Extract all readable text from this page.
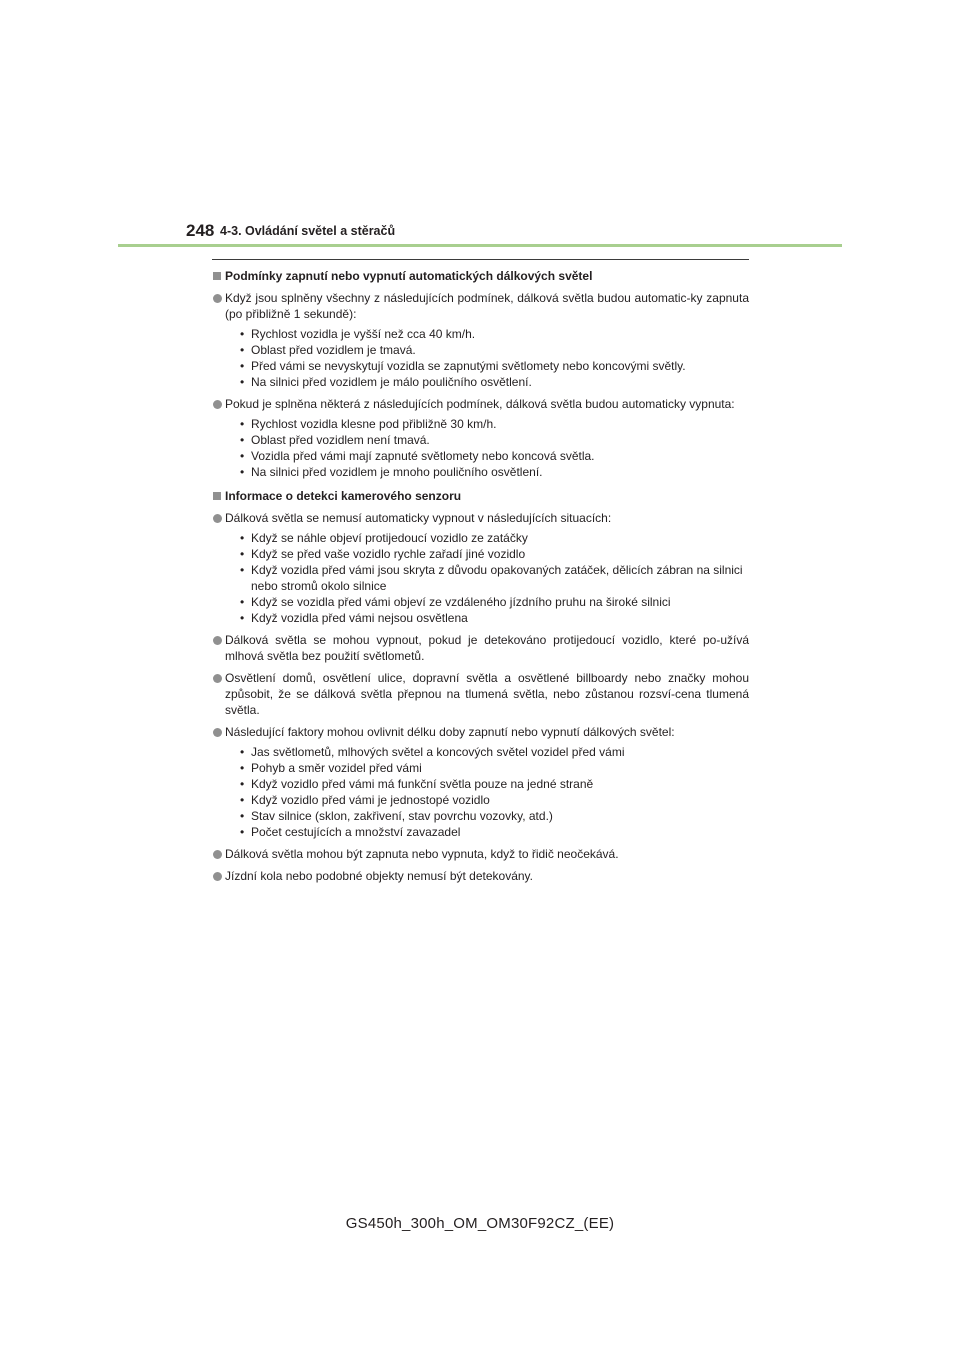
248 4-3. Ovládání světel a stěračů
Podmínky zapnutí nebo vypnutí automatických dálkových světel
Když jsou splněny všechny z následujících podmínek, dálková světla budou automatic-ky zapnuta (po přibližně 1 sekundě):
• Rychlost vozidla je vyšší než cca 40 km/h.
• Oblast před vozidlem je tmavá.
• Před vámi se nevyskytují vozidla se zapnutými světlomety nebo koncovými světly.
• Na silnici před vozidlem je málo pouličního osvětlení.
Pokud je splněna některá z následujících podmínek, dálková světla budou automaticky vypnuta:
• Rychlost vozidla klesne pod přibližně 30 km/h.
• Oblast před vozidlem není tmavá.
• Vozidla před vámi mají zapnuté světlomety nebo koncová světla.
• Na silnici před vozidlem je mnoho pouličního osvětlení.
Informace o detekci kamerového senzoru
Dálková světla se nemusí automaticky vypnout v následujících situacích:
• Když se náhle objeví protijedoucí vozidlo ze zatáčky
• Když se před vaše vozidlo rychle zařadí jiné vozidlo
• Když vozidla před vámi jsou skryta z důvodu opakovaných zatáček, dělicích zábran na silnici nebo stromů okolo silnice
• Když se vozidla před vámi objeví ze vzdáleného jízdního pruhu na široké silnici
• Když vozidla před vámi nejsou osvětlena
Dálková světla se mohou vypnout, pokud je detekováno protijedoucí vozidlo, které po-užívá mlhová světla bez použití světlometů.
Osvětlení domů, osvětlení ulice, dopravní světla a osvětlené billboardy nebo značky mohou způsobit, že se dálková světla přepnou na tlumená světla, nebo zůstanou rozsví-cena tlumená světla.
Následující faktory mohou ovlivnit délku doby zapnutí nebo vypnutí dálkových světel:
• Jas světlometů, mlhových světel a koncových světel vozidel před vámi
• Pohyb a směr vozidel před vámi
• Když vozidlo před vámi má funkční světla pouze na jedné straně
• Když vozidlo před vámi je jednostopé vozidlo
• Stav silnice (sklon, zakřivení, stav povrchu vozovky, atd.)
• Počet cestujících a množství zavazadel
Dálková světla mohou být zapnuta nebo vypnuta, když to řidič neočekává.
Jízdní kola nebo podobné objekty nemusí být detekovány.
GS450h_300h_OM_OM30F92CZ_(EE)
